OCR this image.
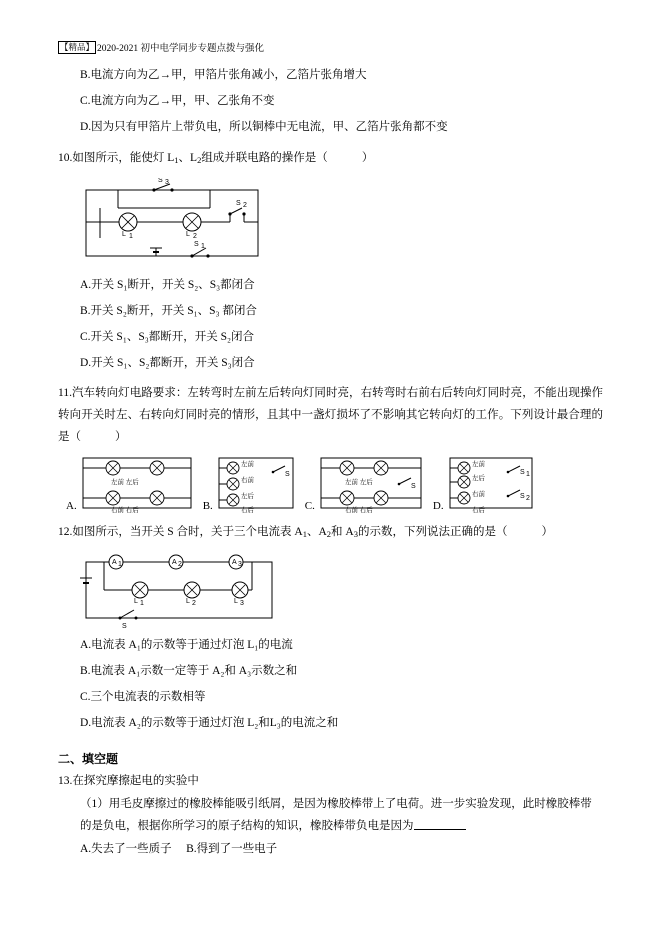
【精品】 2020-2021 初中电学同步专题点拨与强化
B.电流方向为乙→甲，甲箔片张角减小，乙箔片张角增大
C.电流方向为乙→甲，甲、乙张角不变
D.因为只有甲箔片上带负电，所以铜棒中无电流，甲、乙箔片张角都不变
10.如图所示，能使灯 $L_1$、$L_2$组成并联电路的操作是（	）
S 3
L 1	L 2
S 2
S 1
A.开关 S₁断开，开关 S₂、S₃都闭合
B.开关 S₂断开，开关 S₁、S₃ 都闭合
C.开关 S₁、S₃都断开，开关 S₂闭合
D.开关 S₁、S₂都断开，开关 S₃闭合
11.汽车转向灯电路要求：左转弯时左前左后转向灯同时亮，右转弯时右前右后转向灯同时亮，不能出现操作转向开关时左、右转向灯同时亮的情形，且其中一盏灯损坏了不影响其它转向灯的工作。下列设计最合理的是（	）
A.
左前 左后
右前 右后	B.
左前
右前
左后
右后
S
C.
左前 左后
右前 右后
S
D.
左前
左后
右前
右后
S 1
S 2
12.如图所示，当开关 S 合时，关于三个电流表 $A_1$、$A_2$和 $A_3$的示数，下列说法正确的是（	）
A 1	A 2	A 3
L 1	L 2	L 3
S
A.电流表 A₁的示数等于通过灯泡 L₁的电流
B.电流表 A₁示数一定等于 A₂和 A₃示数之和
C.三个电流表的示数相等
D.电流表 A₂的示数等于通过灯泡 L₂和L₃的电流之和
二、填空题
13.在探究摩擦起电的实验中
（1）用毛皮摩擦过的橡胶棒能吸引纸屑，是因为橡胶棒带上了电荷。进一步实验发现，此时橡胶棒带
的是负电，根据你所学习的原子结构的知识，橡胶棒带负电是因为
A.失去了一些质子 B.得到了一些电子
